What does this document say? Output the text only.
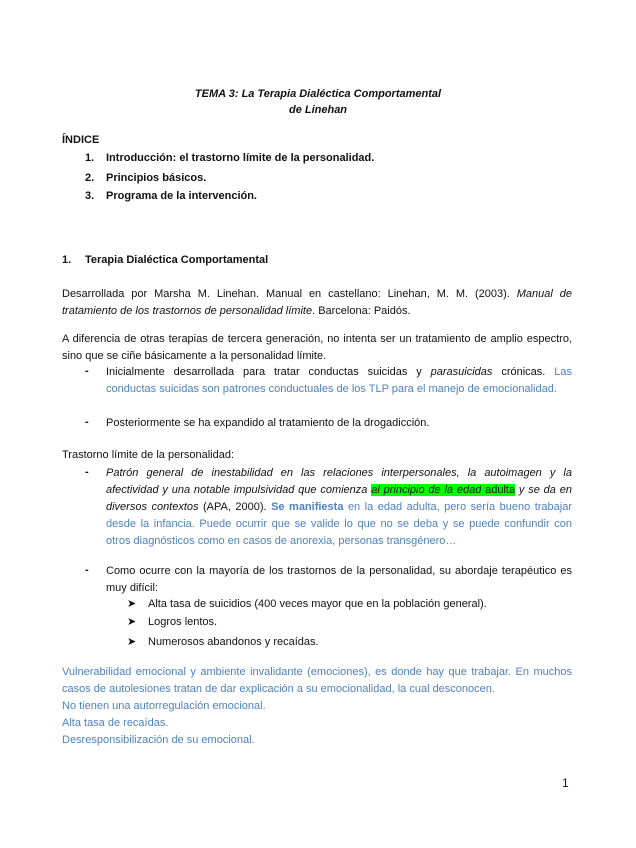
TEMA 3: La Terapia Dialéctica Comportamental
de Linehan
ÍNDICE
1. Introducción: el trastorno límite de la personalidad.
2. Principios básicos.
3. Programa de la intervención.
1. Terapia Dialéctica Comportamental
Desarrollada por Marsha M. Linehan. Manual en castellano: Linehan, M. M. (2003). Manual de tratamiento de los trastornos de personalidad límite. Barcelona: Paidós.
A diferencia de otras terapias de tercera generación, no intenta ser un tratamiento de amplio espectro, sino que se ciñe básicamente a la personalidad límite.
- Inicialmente desarrollada para tratar conductas suicidas y parasuicidas crónicas. Las conductas suicidas son patrones conductuales de los TLP para el manejo de emocionalidad.
- Posteriormente se ha expandido al tratamiento de la drogadicción.
Trastorno límite de la personalidad:
- Patrón general de inestabilidad en las relaciones interpersonales, la autoimagen y la afectividad y una notable impulsividad que comienza al principio de la edad adulta y se da en diversos contextos (APA, 2000). Se manifiesta en la edad adulta, pero sería bueno trabajar desde la infancia. Puede ocurrir que se valide lo que no se deba y se puede confundir con otros diagnósticos como en casos de anorexia, personas transgénero…
- Como ocurre con la mayoría de los trastornos de la personalidad, su abordaje terapéutico es muy difícil:
➤ Alta tasa de suicidios (400 veces mayor que en la población general).
➤ Logros lentos.
➤ Numerosos abandonos y recaídas.
Vulnerabilidad emocional y ambiente invalidante (emociones), es donde hay que trabajar. En muchos casos de autolesiones tratan de dar explicación a su emocionalidad, la cual desconocen.
No tienen una autorregulación emocional.
Alta tasa de recaídas.
Desresponsibilización de su emocional.
1
